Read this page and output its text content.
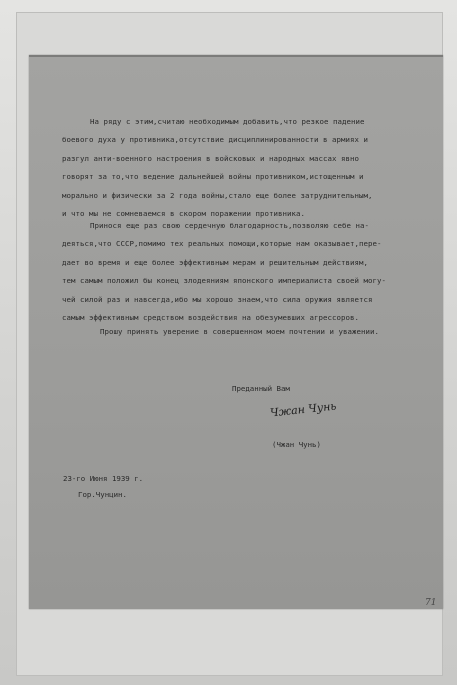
На ряду с этим,считаю необходимым добавить,что резкое падение
боевого духа у противника,отсутствие дисциплинированности в армиях и
разгул анти-военного настроения в войсковых и народных массах явно
говорят за то,что ведение дальнейшей войны противником,истощенным и
морально и физически за 2 года войны,стало еще более затруднительным,
и что мы не сомневаемся в скором поражении противника.
Принося еще раз свою сердечную благодарность,позволяю себе на-
деяться,что СССР,помимо тех реальных помощи,которые нам оказывает,пере-
дает во время и еще более эффективным мерам и решительным действиям,
тем самым положил бы конец злодеяниям японского империалиста своей могу-
чей силой раз и навсегда,ибо мы хорошо знаем,что сила оружия является
самым эффективным средством воздействия на обезумевших агрессоров.
Прошу принять уверение в совершенном моем почтении и уважении.
Преданный Вам
Чжан Чунь
(Чжан Чунь)
23-го Июня 1939 г.
Гор.Чунцин.
71
